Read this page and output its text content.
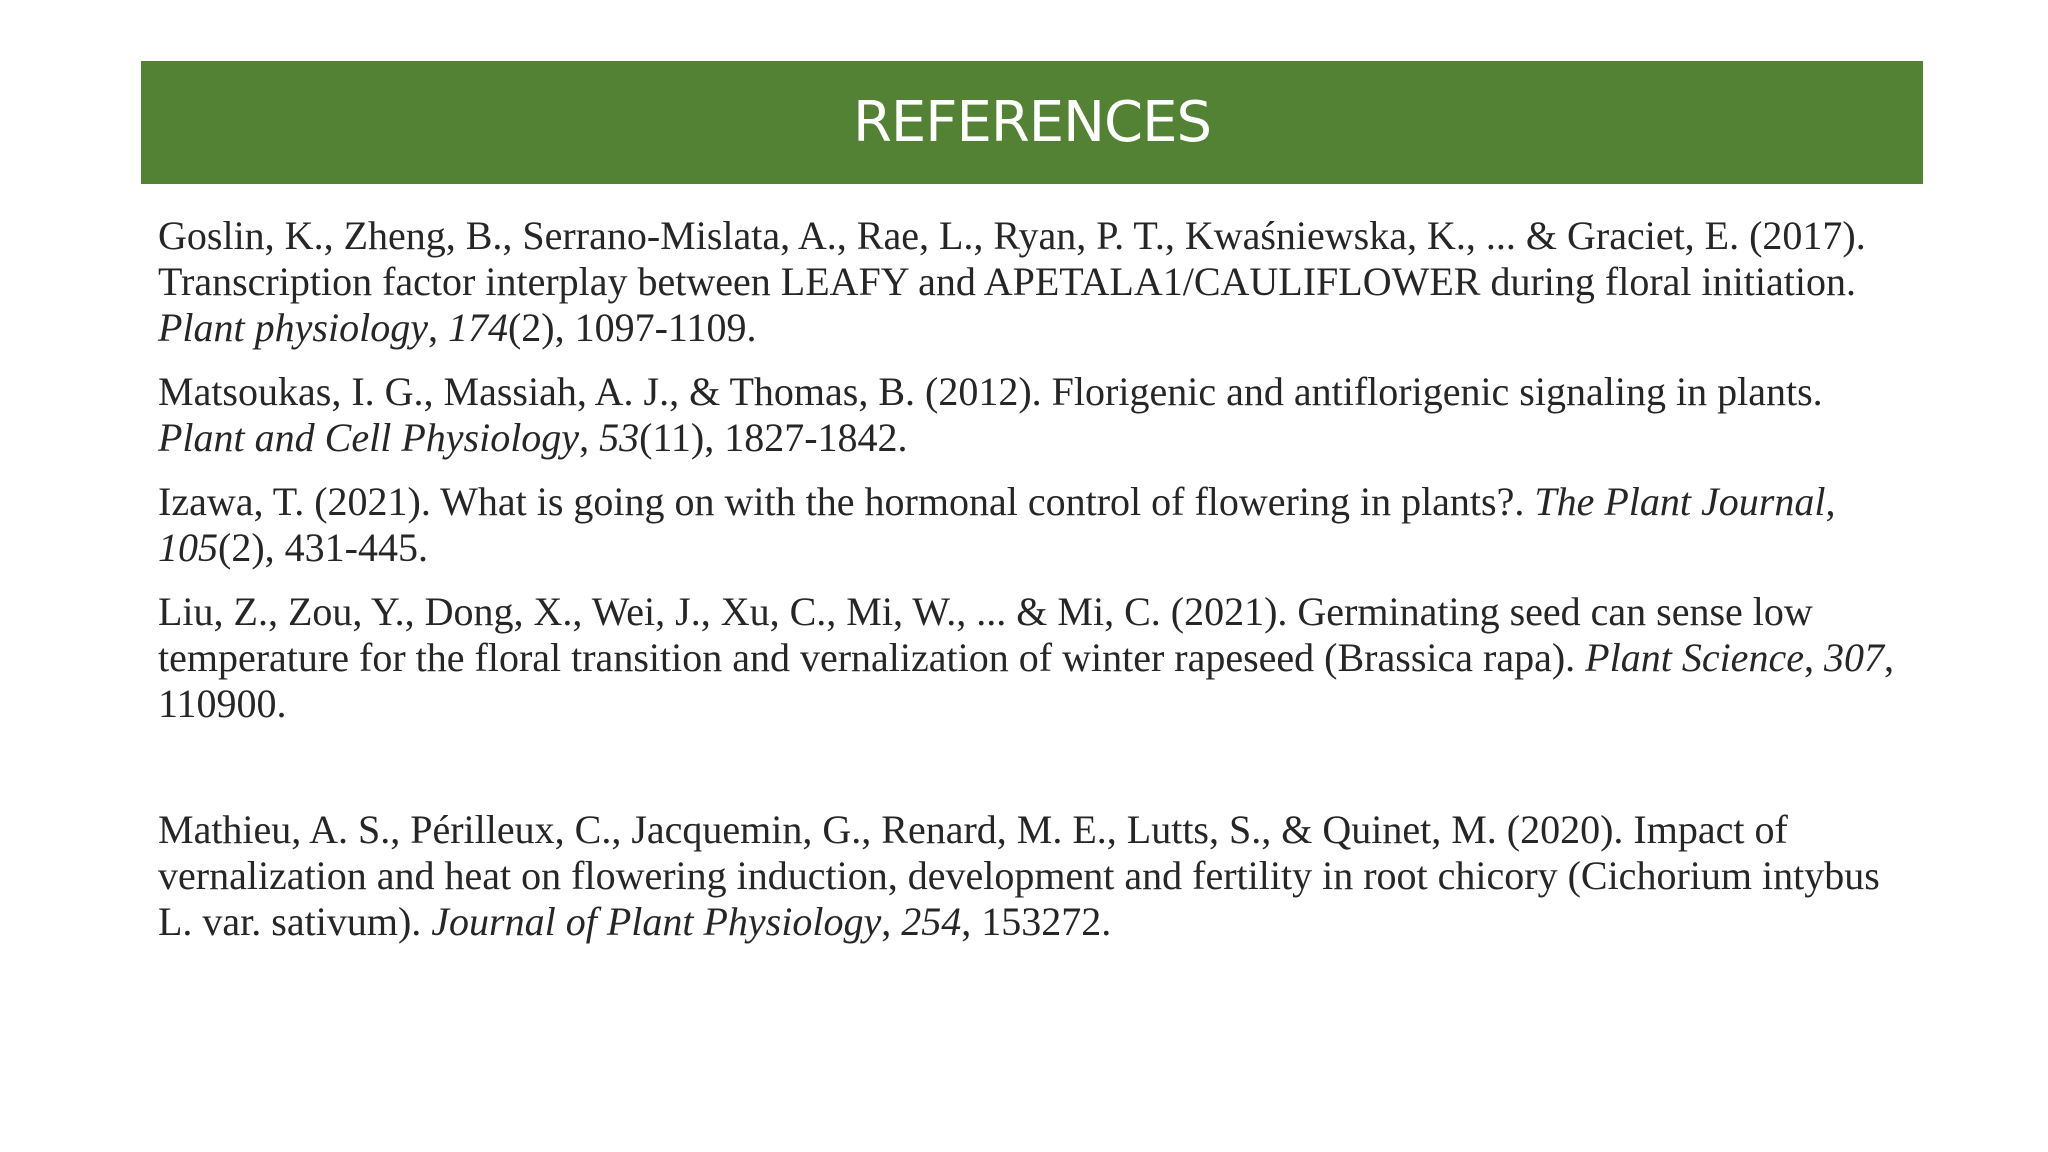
REFERENCES

Goslin, K., Zheng, B., Serrano-Mislata, A., Rae, L., Ryan, P. T., Kwaśniewska, K., ... & Graciet, E. (2017). Transcription factor interplay between LEAFY and APETALA1/CAULIFLOWER during floral initiation. Plant physiology, 174(2), 1097-1109.

Matsoukas, I. G., Massiah, A. J., & Thomas, B. (2012). Florigenic and antiflorigenic signaling in plants. Plant and Cell Physiology, 53(11), 1827-1842.

Izawa, T. (2021). What is going on with the hormonal control of flowering in plants?. The Plant Journal, 105(2), 431-445.

Liu, Z., Zou, Y., Dong, X., Wei, J., Xu, C., Mi, W., ... & Mi, C. (2021). Germinating seed can sense low temperature for the floral transition and vernalization of winter rapeseed (Brassica rapa). Plant Science, 307, 110900.

Mathieu, A. S., Périlleux, C., Jacquemin, G., Renard, M. E., Lutts, S., & Quinet, M. (2020). Impact of vernalization and heat on flowering induction, development and fertility in root chicory (Cichorium intybus L. var. sativum). Journal of Plant Physiology, 254, 153272.
